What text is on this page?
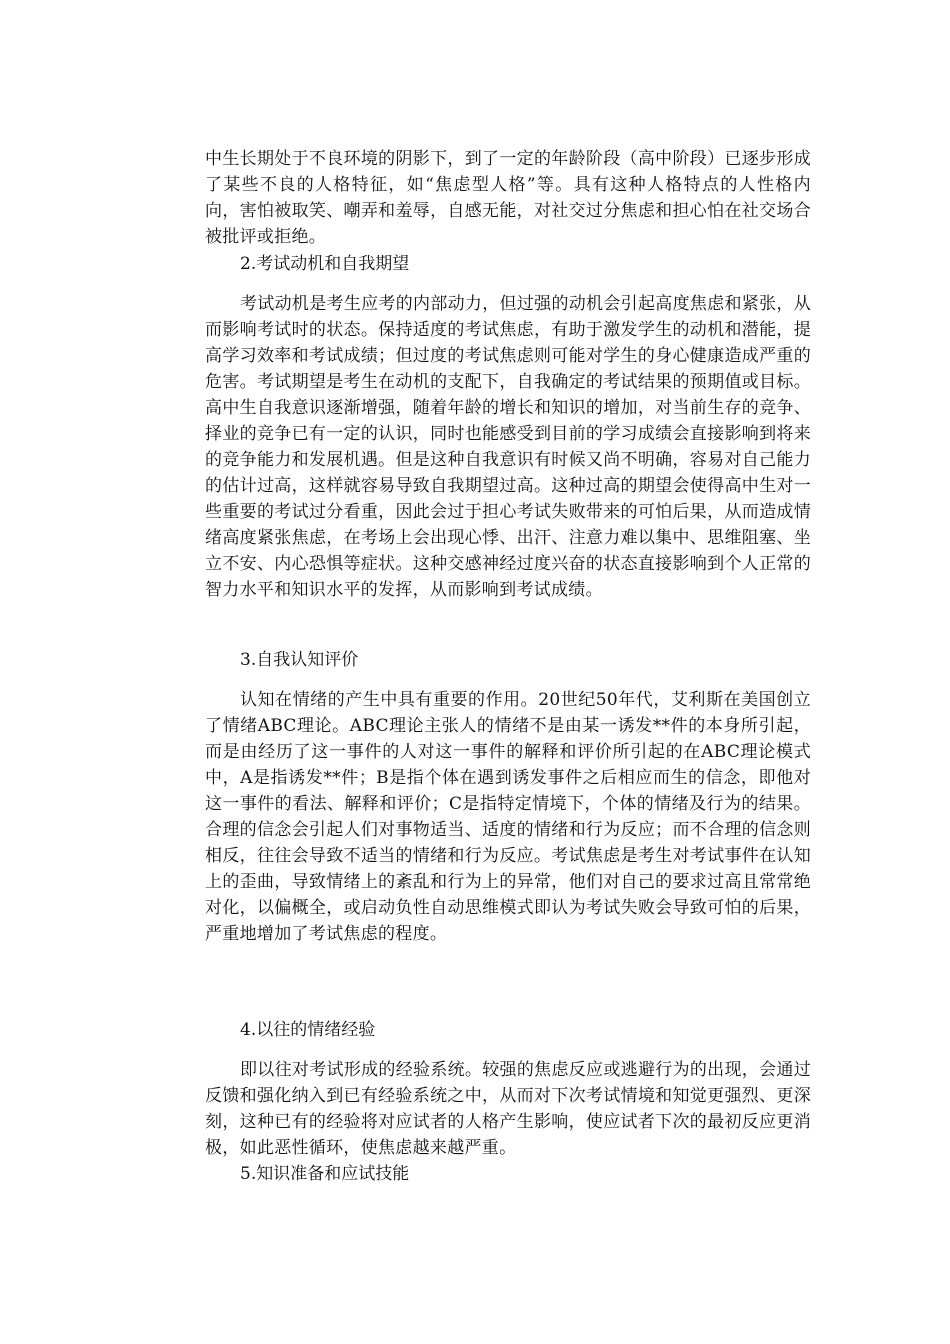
中生长期处于不良环境的阴影下，到了一定的年龄阶段（高中阶段）已逐步形成了某些不良的人格特征，如“焦虑型人格”等。具有这种人格特点的人性格内向，害怕被取笑、嘲弄和羞辱，自感无能，对社交过分焦虑和担心怕在社交场合被批评或拒绝。

2.考试动机和自我期望

考试动机是考生应考的内部动力，但过强的动机会引起高度焦虑和紧张，从而影响考试时的状态。保持适度的考试焦虑，有助于激发学生的动机和潜能，提高学习效率和考试成绩；但过度的考试焦虑则可能对学生的身心健康造成严重的危害。考试期望是考生在动机的支配下，自我确定的考试结果的预期值或目标。高中生自我意识逐渐增强，随着年龄的增长和知识的增加，对当前生存的竞争、择业的竞争已有一定的认识，同时也能感受到目前的学习成绩会直接影响到将来的竞争能力和发展机遇。但是这种自我意识有时候又尚不明确，容易对自己能力的估计过高，这样就容易导致自我期望过高。这种过高的期望会使得高中生对一些重要的考试过分看重，因此会过于担心考试失败带来的可怕后果，从而造成情绪高度紧张焦虑，在考场上会出现心悸、出汗、注意力难以集中、思维阻塞、坐立不安、内心恐惧等症状。这种交感神经过度兴奋的状态直接影响到个人正常的智力水平和知识水平的发挥，从而影响到考试成绩。

3.自我认知评价

认知在情绪的产生中具有重要的作用。20世纪50年代，艾利斯在美国创立了情绪ABC理论。ABC理论主张人的情绪不是由某一诱发**件的本身所引起，而是由经历了这一事件的人对这一事件的解释和评价所引起的在ABC理论模式中，A是指诱发**件；B是指个体在遇到诱发事件之后相应而生的信念，即他对这一事件的看法、解释和评价；C是指特定情境下，个体的情绪及行为的结果。合理的信念会引起人们对事物适当、适度的情绪和行为反应；而不合理的信念则相反，往往会导致不适当的情绪和行为反应。考试焦虑是考生对考试事件在认知上的歪曲，导致情绪上的紊乱和行为上的异常，他们对自己的要求过高且常常绝对化，以偏概全，或启动负性自动思维模式即认为考试失败会导致可怕的后果，严重地增加了考试焦虑的程度。

4.以往的情绪经验

即以往对考试形成的经验系统。较强的焦虑反应或逃避行为的出现，会通过反馈和强化纳入到已有经验系统之中，从而对下次考试情境和知觉更强烈、更深刻，这种已有的经验将对应试者的人格产生影响，使应试者下次的最初反应更消极，如此恶性循环，使焦虑越来越严重。

5.知识准备和应试技能
